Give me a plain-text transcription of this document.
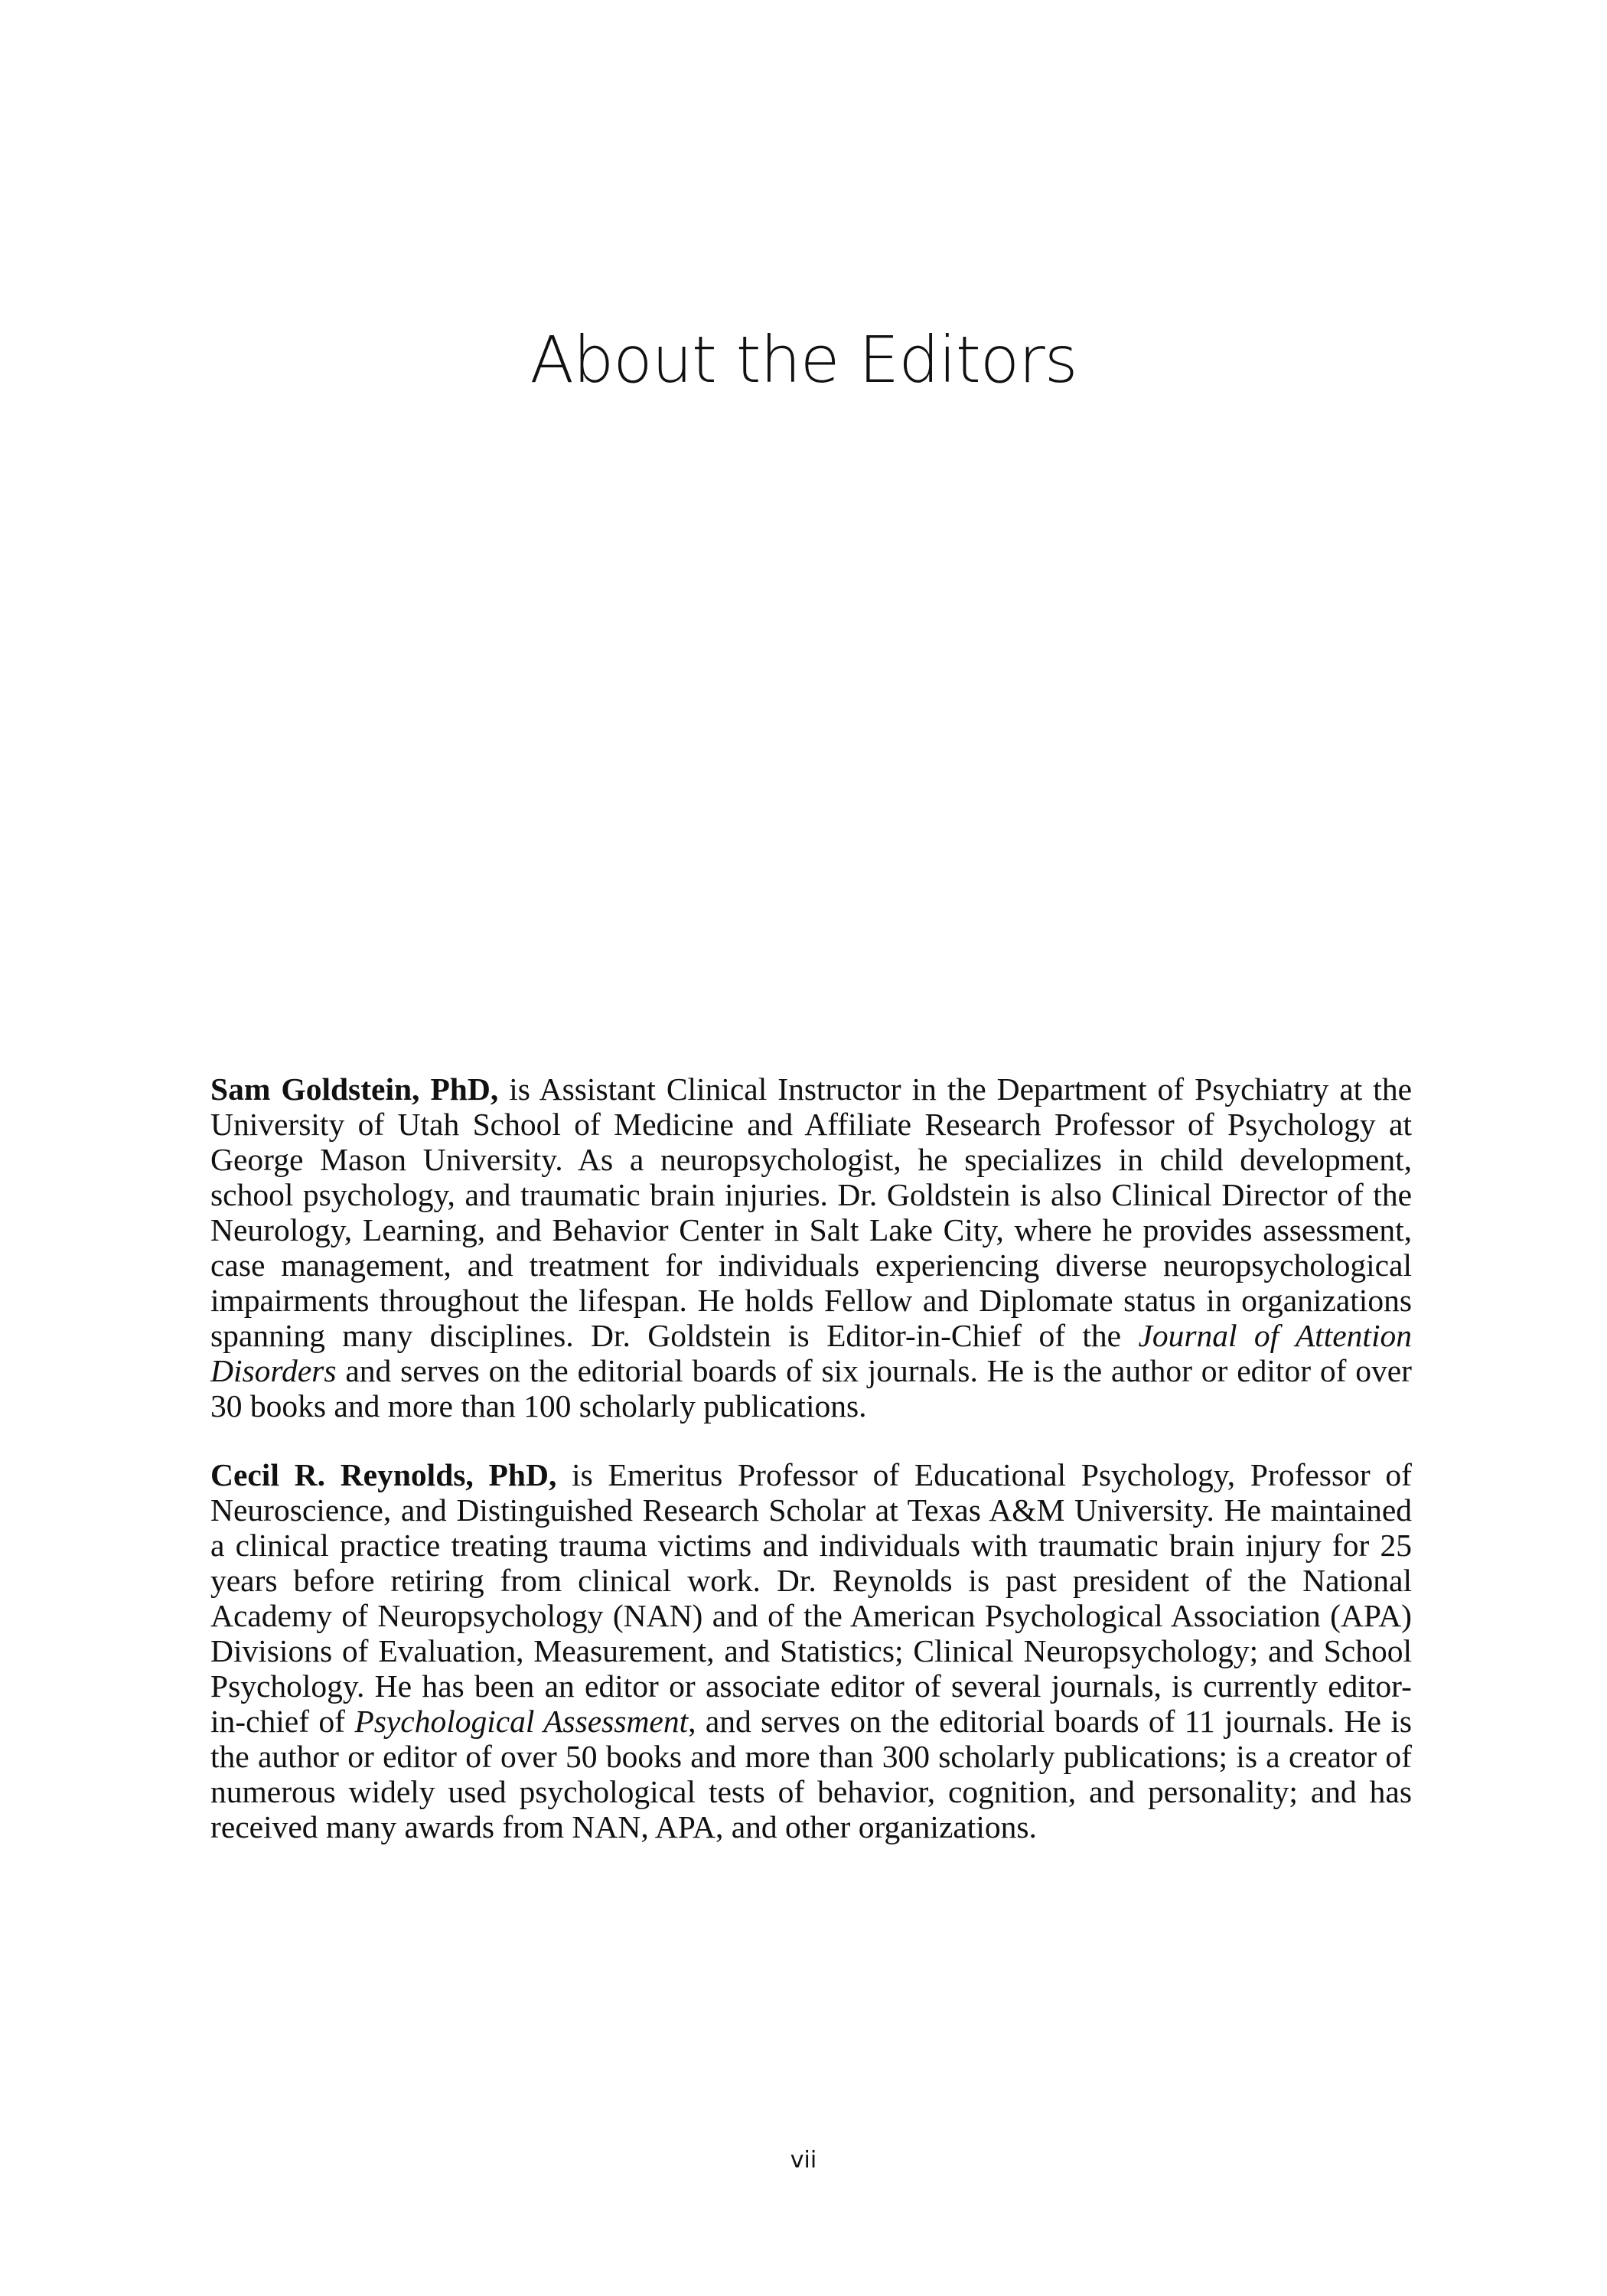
About the Editors

Sam Goldstein, PhD, is Assistant Clinical Instructor in the Department of Psychiatry at the University of Utah School of Medicine and Affiliate Research Professor of Psychology at George Mason University. As a neuropsychologist, he specializes in child development, school psychology, and traumatic brain injuries. Dr. Goldstein is also Clinical Director of the Neurology, Learning, and Behavior Center in Salt Lake City, where he provides assessment, case management, and treatment for individuals experiencing diverse neuropsychological impairments throughout the lifespan. He holds Fellow and Diplomate status in organizations spanning many disciplines. Dr. Goldstein is Editor-in-Chief of the Journal of Attention Disorders and serves on the editorial boards of six journals. He is the author or editor of over 30 books and more than 100 scholarly publications.

Cecil R. Reynolds, PhD, is Emeritus Professor of Educational Psychology, Professor of Neuroscience, and Distinguished Research Scholar at Texas A&M University. He maintained a clinical practice treating trauma victims and individuals with traumatic brain injury for 25 years before retiring from clinical work. Dr. Reynolds is past president of the National Academy of Neuropsychology (NAN) and of the American Psychological Association (APA) Divisions of Evaluation, Measurement, and Statistics; Clinical Neuropsychology; and School Psychology. He has been an editor or associate editor of several journals, is currently editor-in-chief of Psychological Assessment, and serves on the editorial boards of 11 journals. He is the author or editor of over 50 books and more than 300 scholarly publications; is a creator of numerous widely used psychological tests of behavior, cognition, and personality; and has received many awards from NAN, APA, and other organizations.

vii
